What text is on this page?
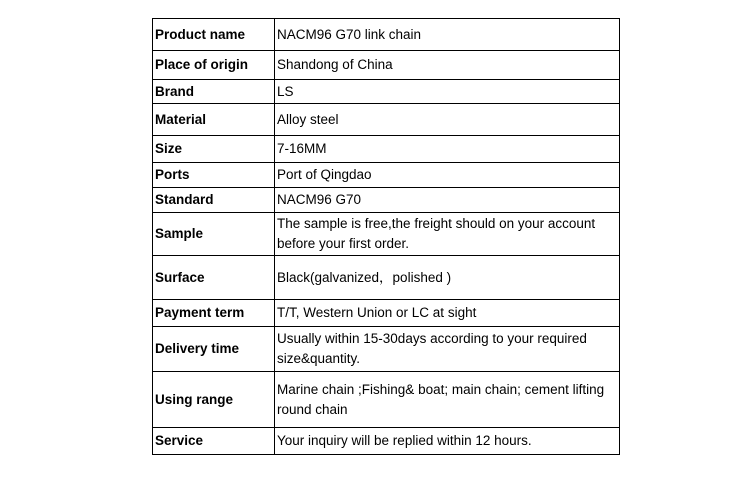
Product name	NACM96 G70 link chain
Place of origin	Shandong of China
Brand	LS
Material	Alloy steel
Size	7-16MM
Ports	Port of Qingdao
Standard	NACM96 G70
Sample	The sample is free,the freight should on your account before your first order.
Surface	Black(galvanized，polished )
Payment term	T/T, Western Union or LC at sight
Delivery time	Usually within 15-30days according to your required size&quantity.
Using range	Marine chain ;Fishing& boat; main chain; cement lifting round chain
Service	Your inquiry will be replied within 12 hours.
